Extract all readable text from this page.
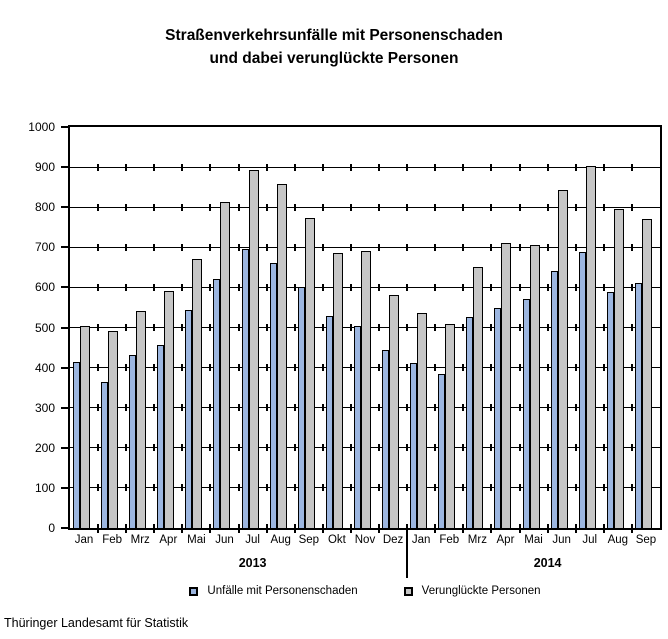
Straßenverkehrsunfälle mit Personenschaden
und dabei verunglückte Personen
0
100
200
300
400
500
600
700
800
900
1000
Jan Feb Mrz Apr Mai Jun Jul Aug Sep Okt Nov Dez Jan Feb Mrz Apr Mai Jun Jul Aug Sep
2013	2014
Unfälle mit Personenschaden	Verunglückte Personen
Thüringer Landesamt für Statistik
